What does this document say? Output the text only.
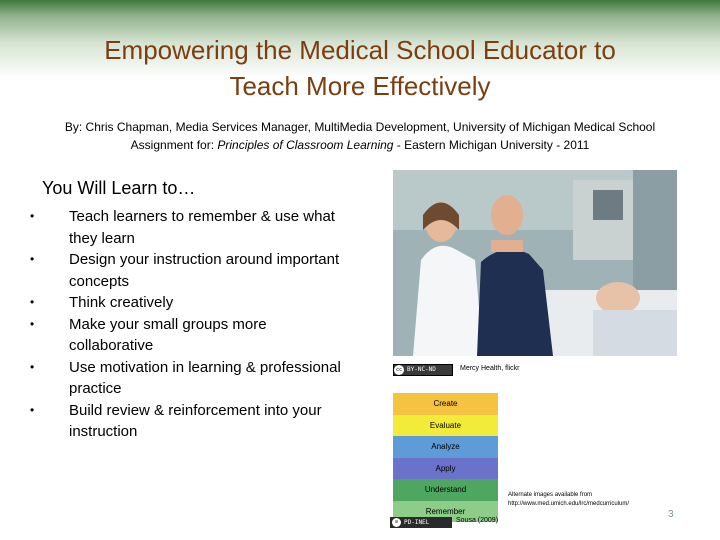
Empowering the Medical School Educator to
Teach More Effectively
By: Chris Chapman, Media Services Manager, MultiMedia Development, University of Michigan Medical School
Assignment for: Principles of Classroom Learning - Eastern Michigan University - 2011
You Will Learn to…
• Teach learners to remember & use what they learn
• Design your instruction around important concepts
• Think creatively
• Make your small groups more collaborative
• Use motivation in learning & professional practice
• Build review & reinforcement into your instruction
cc BY-NC-ND	Mercy Health, flickr
Create
Evaluate
Analyze
Apply
Understand
Remember
⊘ PD-INEL	Sousa (2009)
Alternate images available from
http://www.med.umich.edu/lrc/medcurriculum/
3
